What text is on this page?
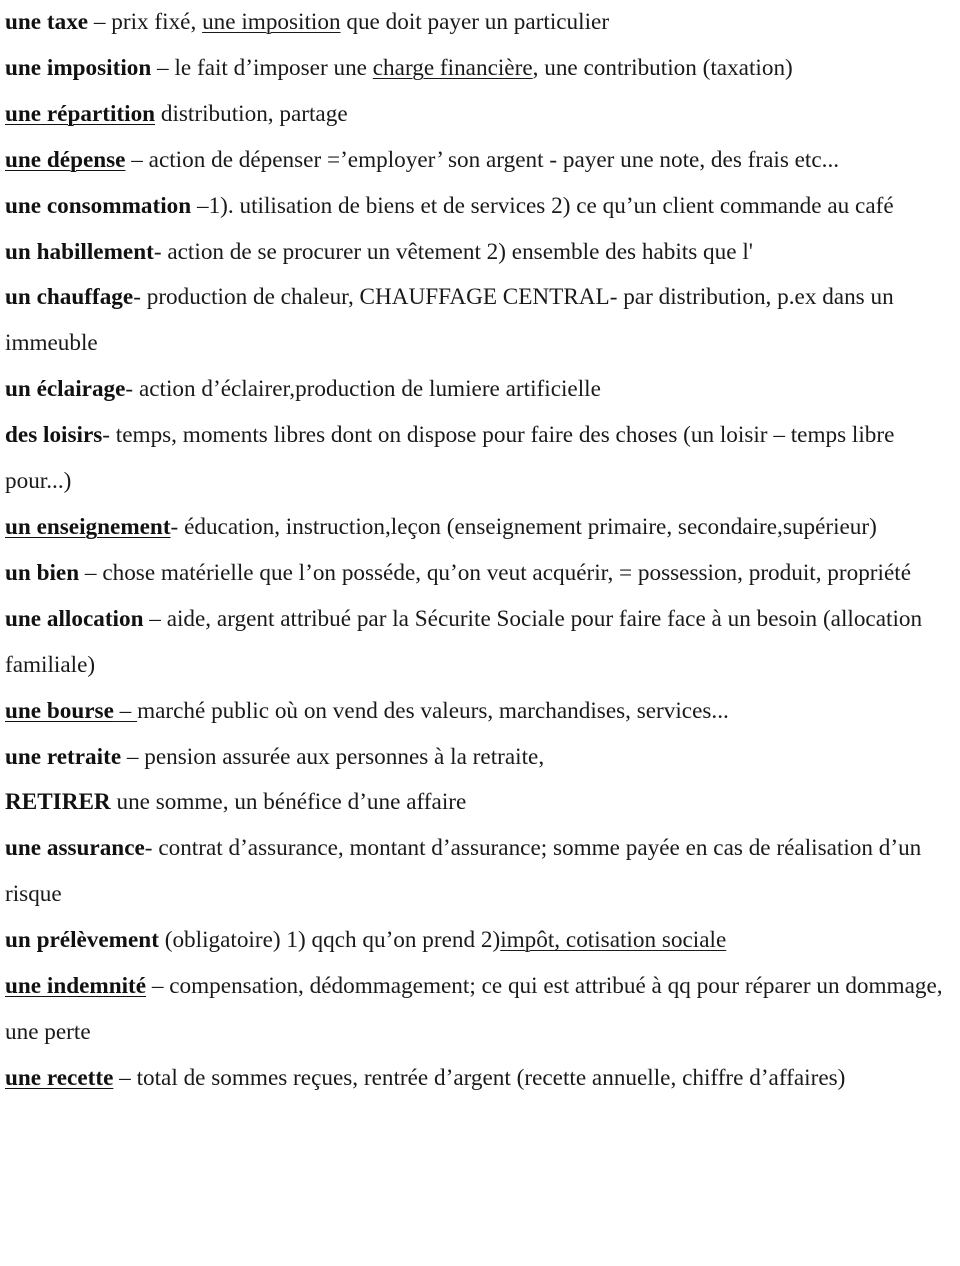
une taxe – prix fixé, une imposition que doit payer un particulier
une imposition – le fait d’imposer une charge financière, une contribution (taxation)
une répartition distribution, partage
une dépense – action de dépenser =’employer’ son argent - payer une note, des frais etc...
une consommation –1). utilisation de biens et de services 2) ce qu’un client commande au café
un habillement- action de se procurer un vêtement 2) ensemble des habits que l'
un chauffage- production de chaleur, CHAUFFAGE CENTRAL- par distribution, p.ex dans un immeuble
un éclairage- action d’éclairer,production de lumiere artificielle
des loisirs- temps, moments libres dont on dispose pour faire des choses (un loisir – temps libre pour...)
un enseignement- éducation, instruction,leçon (enseignement primaire, secondaire,supérieur)
un bien – chose matérielle que l’on posséde, qu’on veut acquérir, = possession, produit, propriété
une allocation – aide, argent attribué par la Sécurite Sociale pour faire face à un besoin (allocation familiale)
une bourse – marché public où on vend des valeurs, marchandises, services...
une retraite – pension assurée aux personnes à la retraite,
RETIRER une somme, un bénéfice d’une affaire
une assurance- contrat d’assurance, montant d’assurance; somme payée en cas de réalisation d’un risque
un prélèvement (obligatoire) 1) qqch qu’on prend 2)impôt, cotisation sociale
une indemnité – compensation, dédommagement; ce qui est attribué à qq pour réparer un dommage, une perte
une recette – total de sommes reçues, rentrée d’argent (recette annuelle, chiffre d’affaires)
